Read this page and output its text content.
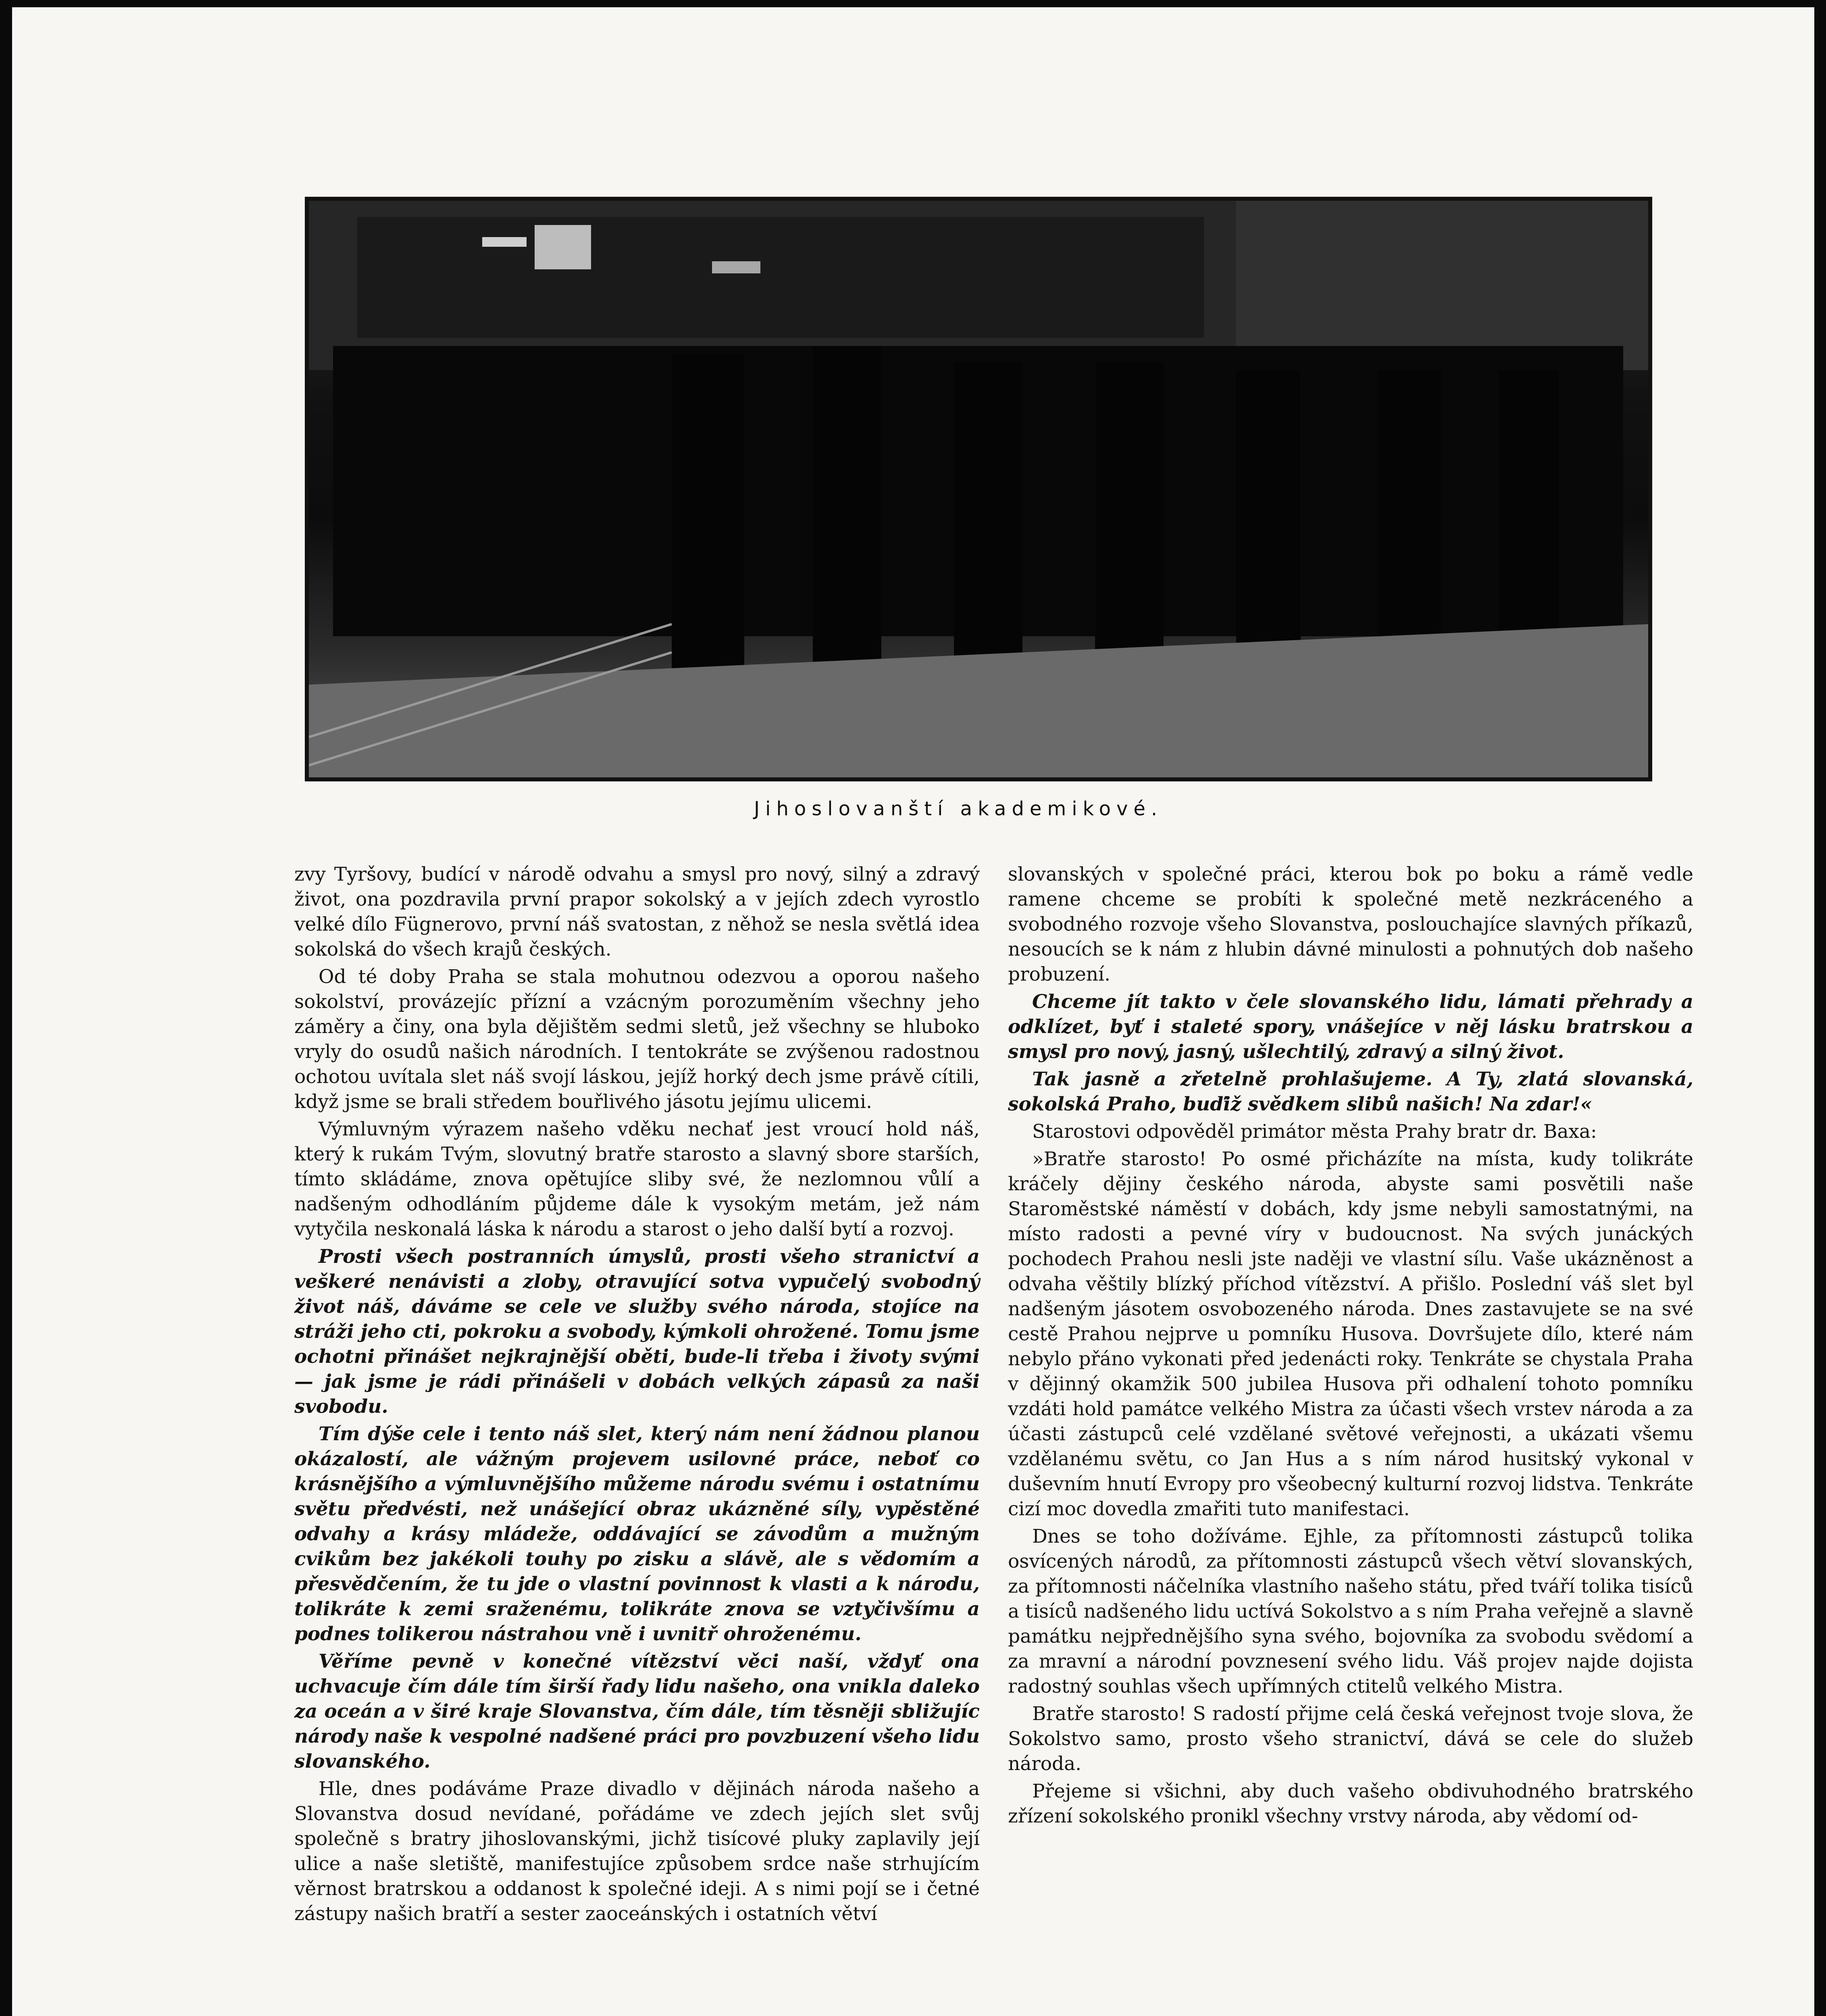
Jihoslovanští akademikové.

zvy Tyršovy, budící v národě odvahu a smysl pro nový, silný a zdravý život, ona pozdravila první prapor sokolský a v jejích zdech vyrostlo velké dílo Fügnerovo, první náš svatostan, z něhož se nesla světlá idea sokolská do všech krajů českých.

Od té doby Praha se stala mohutnou odezvou a oporou našeho sokolství, provázejíc přízní a vzácným porozuměním všechny jeho záměry a činy, ona byla dějištěm sedmi sletů, jež všechny se hluboko vryly do osudů našich národních. I tentokráte se zvýšenou radostnou ochotou uvítala slet náš svojí láskou, jejíž horký dech jsme právě cítili, když jsme se brali středem bouřlivého jásotu jejímu ulicemi.

Výmluvným výrazem našeho vděku nechať jest vroucí hold náš, který k rukám Tvým, slovutný bratře starosto a slavný sbore starších, tímto skládáme, znova opětujíce sliby své, že nezlomnou vůlí a nadšeným odhodláním půjdeme dále k vysokým metám, jež nám vytyčila neskonalá láska k národu a starost o jeho další bytí a rozvoj.

Prosti všech postranních úmyslů, prosti všeho stranictví a veškeré nenávisti a zloby, otravující sotva vypučelý svobodný život náš, dáváme se cele ve služby svého národa, stojíce na stráži jeho cti, pokroku a svobody, kýmkoli ohrožené. Tomu jsme ochotni přinášet nejkrajnější oběti, bude-li třeba i životy svými — jak jsme je rádi přinášeli v dobách velkých zápasů za naši svobodu.

Tím dýše cele i tento náš slet, který nám není žádnou planou okázalostí, ale vážným projevem usilovné práce, neboť co krásnějšího a výmluvnějšího můžeme národu svému i ostatnímu světu předvésti, než unášející obraz ukázněné síly, vypěstěné odvahy a krásy mládeže, oddávající se závodům a mužným cvikům bez jakékoli touhy po zisku a slávě, ale s vědomím a přesvědčením, že tu jde o vlastní povinnost k vlasti a k národu, tolikráte k zemi sraženému, tolikráte znova se vztyčivšímu a podnes tolikerou nástrahou vně i uvnitř ohroženému.

Věříme pevně v konečné vítězství věci naší, vždyť ona uchvacuje čím dále tím širší řady lidu našeho, ona vnikla daleko za oceán a v širé kraje Slovanstva, čím dále, tím těsněji sbližujíc národy naše k vespolné nadšené práci pro povzbuzení všeho lidu slovanského.

Hle, dnes podáváme Praze divadlo v dějinách národa našeho a Slovanstva dosud nevídané, pořádáme ve zdech jejích slet svůj společně s bratry jihoslovanskými, jichž tisícové pluky zaplavily její ulice a naše sletiště, manifestujíce způsobem srdce naše strhujícím věrnost bratrskou a oddanost k společné ideji. A s nimi pojí se i četné zástupy našich bratří a sester zaoceánských i ostatních větví

slovanských v společné práci, kterou bok po boku a rámě vedle ramene chceme se probíti k společné metě nezkráceného a svobodného rozvoje všeho Slovanstva, poslouchajíce slavných příkazů, nesoucích se k nám z hlubin dávné minulosti a pohnutých dob našeho probuzení.

Chceme jít takto v čele slovanského lidu, lámati přehrady a odklízet, byť i staleté spory, vnášejíce v něj lásku bratrskou a smysl pro nový, jasný, ušlechtilý, zdravý a silný život.

Tak jasně a zřetelně prohlašujeme. A Ty, zlatá slovanská, sokolská Praho, buďiž svědkem slibů našich! Na zdar!«

Starostovi odpověděl primátor města Prahy bratr dr. Baxa:

»Bratře starosto! Po osmé přicházíte na místa, kudy tolikráte kráčely dějiny českého národa, abyste sami posvětili naše Staroměstské náměstí v dobách, kdy jsme nebyli samostatnými, na místo radosti a pevné víry v budoucnost. Na svých junáckých pochodech Prahou nesli jste naději ve vlastní sílu. Vaše ukázněnost a odvaha věštily blízký příchod vítězství. A přišlo. Poslední váš slet byl nadšeným jásotem osvobozeného národa. Dnes zastavujete se na své cestě Prahou nejprve u pomníku Husova. Dovršujete dílo, které nám nebylo přáno vykonati před jedenácti roky. Tenkráte se chystala Praha v dějinný okamžik 500 jubilea Husova při odhalení tohoto pomníku vzdáti hold památce velkého Mistra za účasti všech vrstev národa a za účasti zástupců celé vzdělané světové veřejnosti, a ukázati všemu vzdělanému světu, co Jan Hus a s ním národ husitský vykonal v duševním hnutí Evropy pro všeobecný kulturní rozvoj lidstva. Tenkráte cizí moc dovedla zmařiti tuto manifestaci.

Dnes se toho dožíváme. Ejhle, za přítomnosti zástupců tolika osvícených národů, za přítomnosti zástupců všech větví slovanských, za přítomnosti náčelníka vlastního našeho státu, před tváří tolika tisíců a tisíců nadšeného lidu uctívá Sokolstvo a s ním Praha veřejně a slavně památku nejpřednějšího syna svého, bojovníka za svobodu svědomí a za mravní a národní povznesení svého lidu. Váš projev najde dojista radostný souhlas všech upřímných ctitelů velkého Mistra.

Bratře starosto! S radostí přijme celá česká veřejnost tvoje slova, že Sokolstvo samo, prosto všeho stranictví, dává se cele do služeb národa.

Přejeme si všichni, aby duch vašeho obdivuhodného bratrského zřízení sokolského pronikl všechny vrstvy národa, aby vědomí od-
